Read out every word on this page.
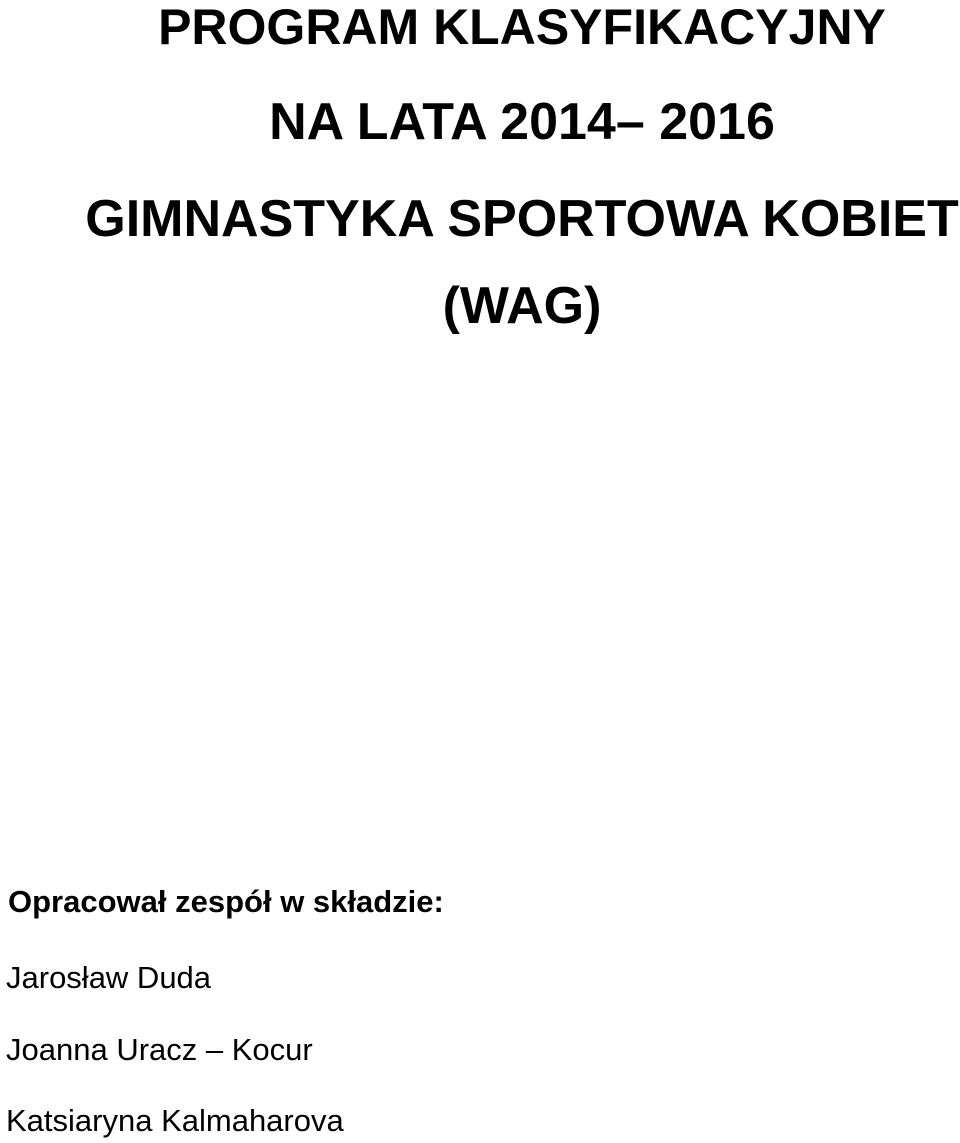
PROGRAM KLASYFIKACYJNY
NA LATA 2014– 2016
GIMNASTYKA SPORTOWA KOBIET
(WAG)

Opracował zespół w składzie:

Jarosław Duda

Joanna Uracz – Kocur

Katsiaryna Kalmaharova
